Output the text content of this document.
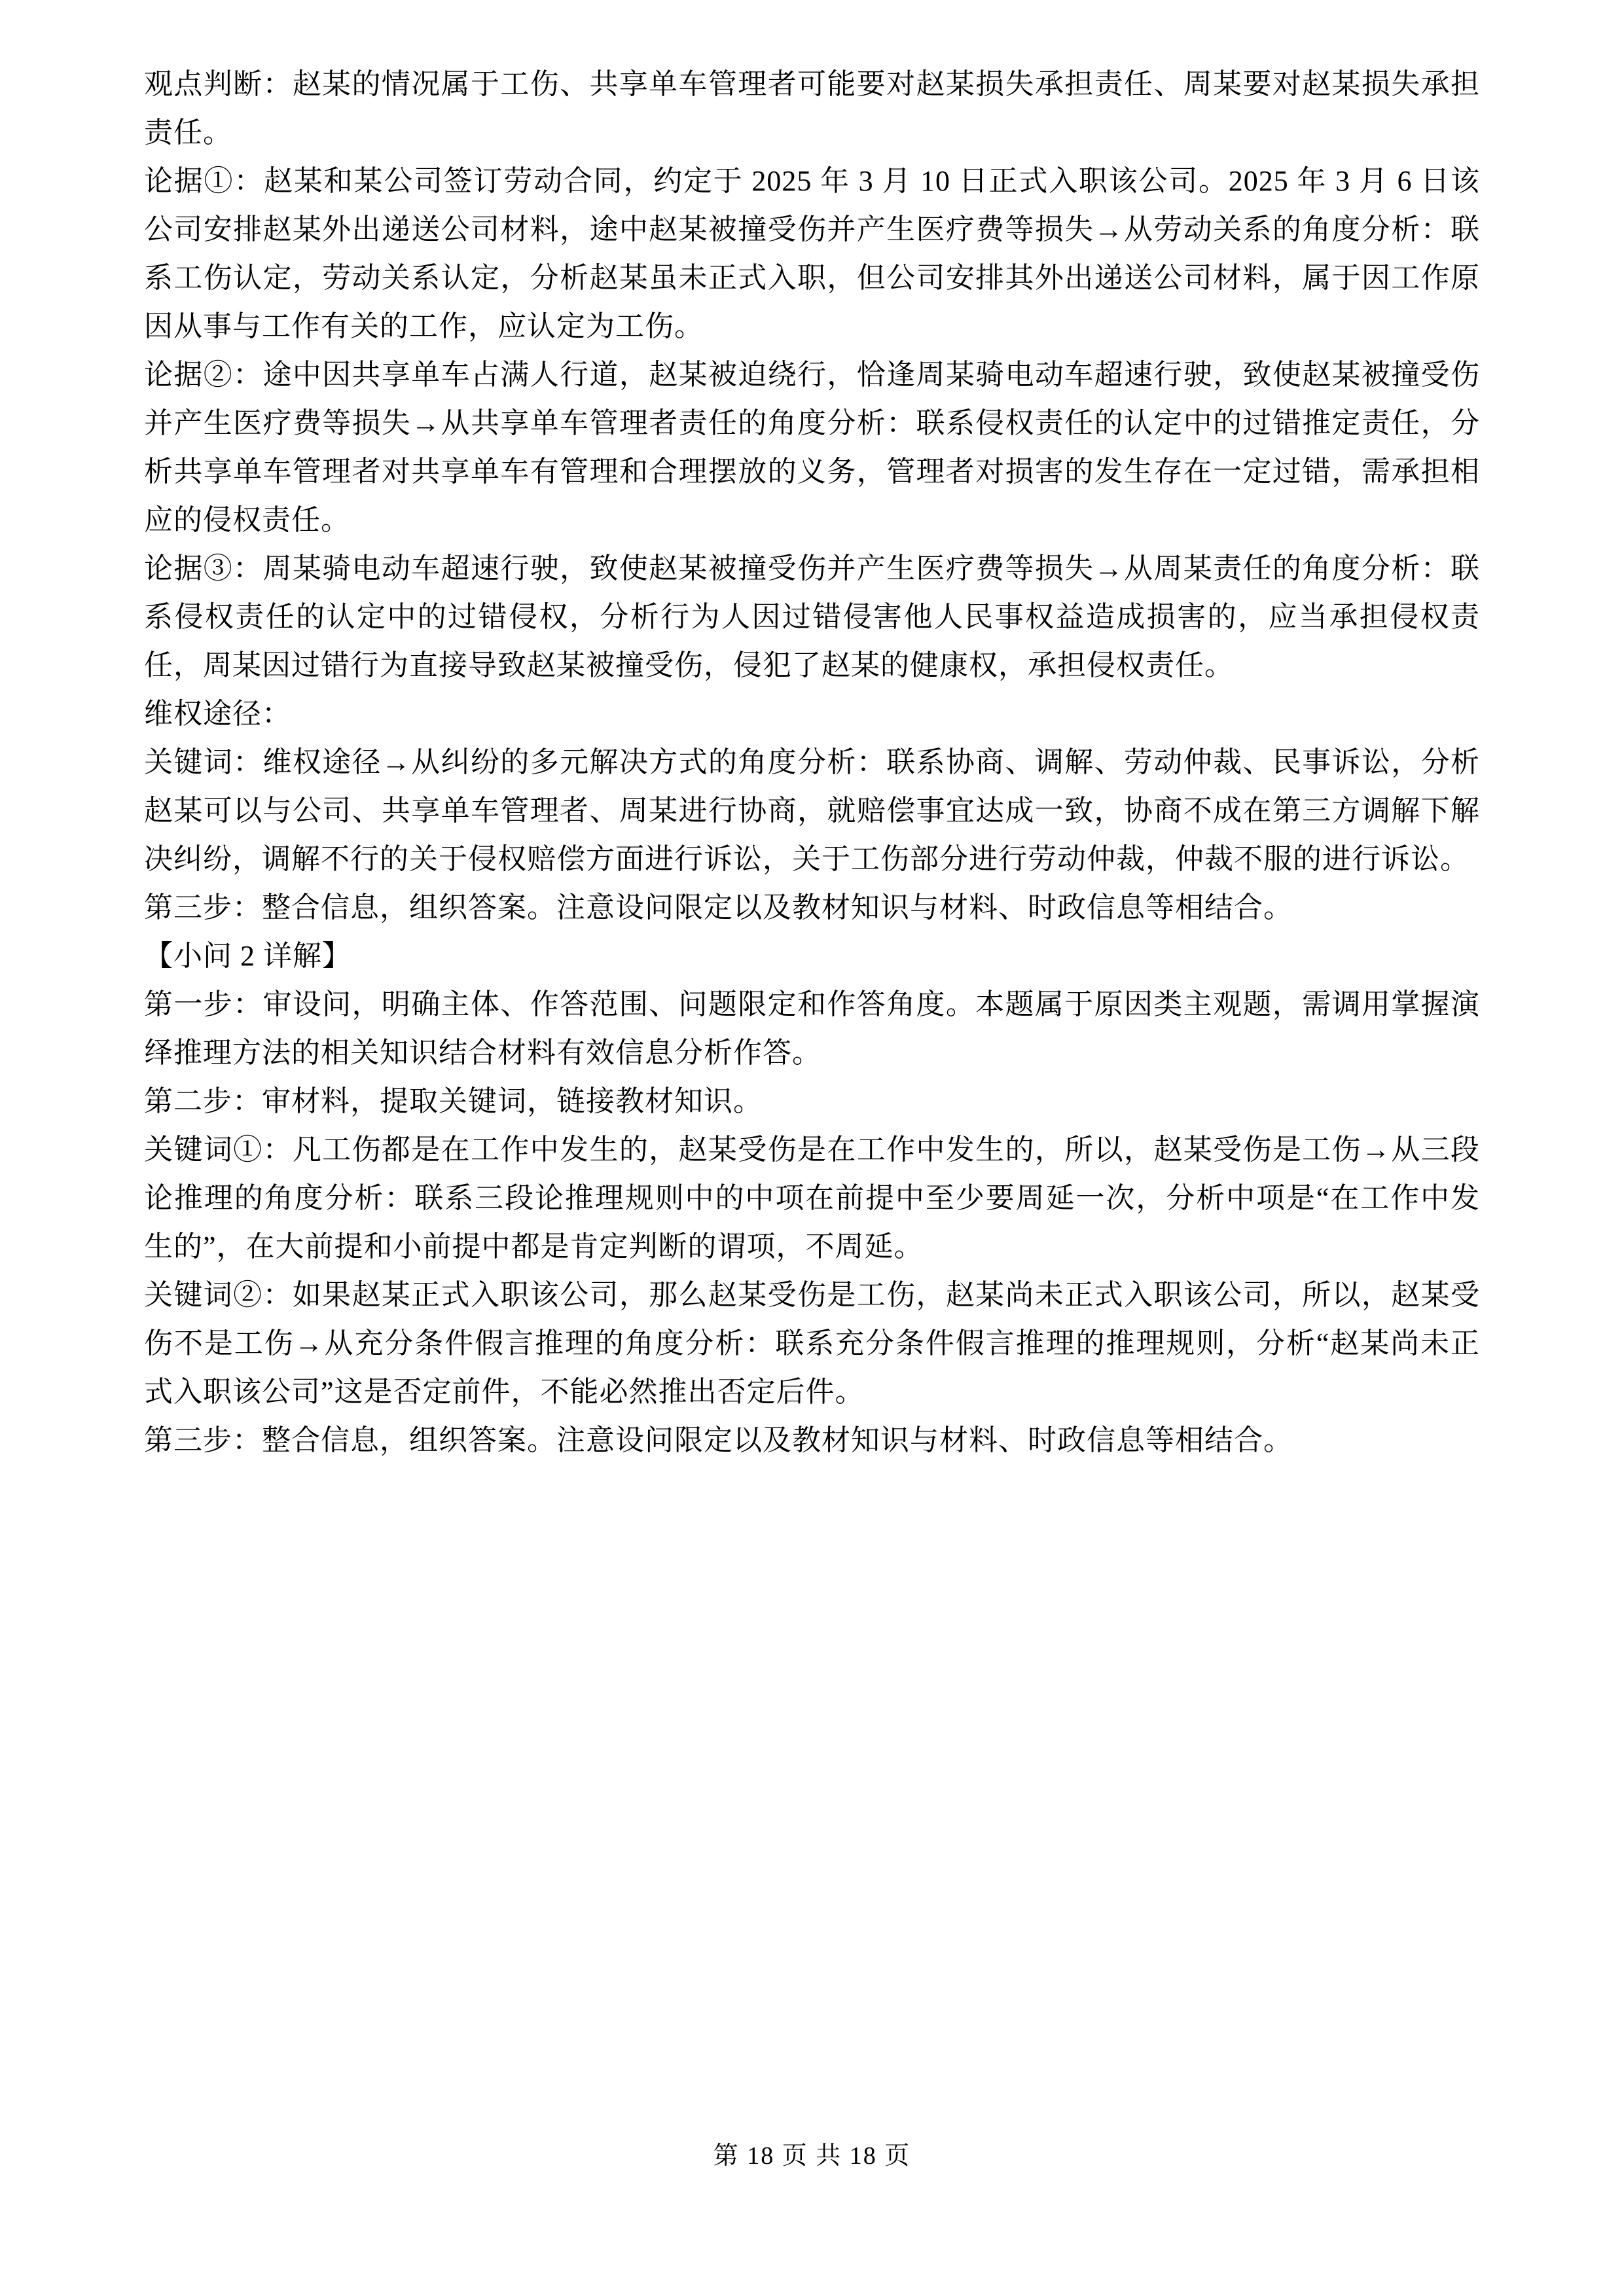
观点判断：赵某的情况属于工伤、共享单车管理者可能要对赵某损失承担责任、周某要对赵某损失承担责任。

论据①：赵某和某公司签订劳动合同，约定于 2025 年 3 月 10 日正式入职该公司。2025 年 3 月 6 日该公司安排赵某外出递送公司材料，途中赵某被撞受伤并产生医疗费等损失→从劳动关系的角度分析：联系工伤认定，劳动关系认定，分析赵某虽未正式入职，但公司安排其外出递送公司材料，属于因工作原因从事与工作有关的工作，应认定为工伤。

论据②：途中因共享单车占满人行道，赵某被迫绕行，恰逢周某骑电动车超速行驶，致使赵某被撞受伤并产生医疗费等损失→从共享单车管理者责任的角度分析：联系侵权责任的认定中的过错推定责任，分析共享单车管理者对共享单车有管理和合理摆放的义务，管理者对损害的发生存在一定过错，需承担相应的侵权责任。

论据③：周某骑电动车超速行驶，致使赵某被撞受伤并产生医疗费等损失→从周某责任的角度分析：联系侵权责任的认定中的过错侵权，分析行为人因过错侵害他人民事权益造成损害的，应当承担侵权责任，周某因过错行为直接导致赵某被撞受伤，侵犯了赵某的健康权，承担侵权责任。

维权途径：

关键词：维权途径→从纠纷的多元解决方式的角度分析：联系协商、调解、劳动仲裁、民事诉讼，分析赵某可以与公司、共享单车管理者、周某进行协商，就赔偿事宜达成一致，协商不成在第三方调解下解决纠纷，调解不行的关于侵权赔偿方面进行诉讼，关于工伤部分进行劳动仲裁，仲裁不服的进行诉讼。

第三步：整合信息，组织答案。注意设问限定以及教材知识与材料、时政信息等相结合。

【小问 2 详解】

第一步：审设问，明确主体、作答范围、问题限定和作答角度。本题属于原因类主观题，需调用掌握演绎推理方法的相关知识结合材料有效信息分析作答。

第二步：审材料，提取关键词，链接教材知识。

关键词①：凡工伤都是在工作中发生的，赵某受伤是在工作中发生的，所以，赵某受伤是工伤→从三段论推理的角度分析：联系三段论推理规则中的中项在前提中至少要周延一次，分析中项是“在工作中发生的”，在大前提和小前提中都是肯定判断的谓项，不周延。

关键词②：如果赵某正式入职该公司，那么赵某受伤是工伤，赵某尚未正式入职该公司，所以，赵某受伤不是工伤→从充分条件假言推理的角度分析：联系充分条件假言推理的推理规则，分析“赵某尚未正式入职该公司”这是否定前件，不能必然推出否定后件。

第三步：整合信息，组织答案。注意设问限定以及教材知识与材料、时政信息等相结合。

第 18 页 共 18 页
